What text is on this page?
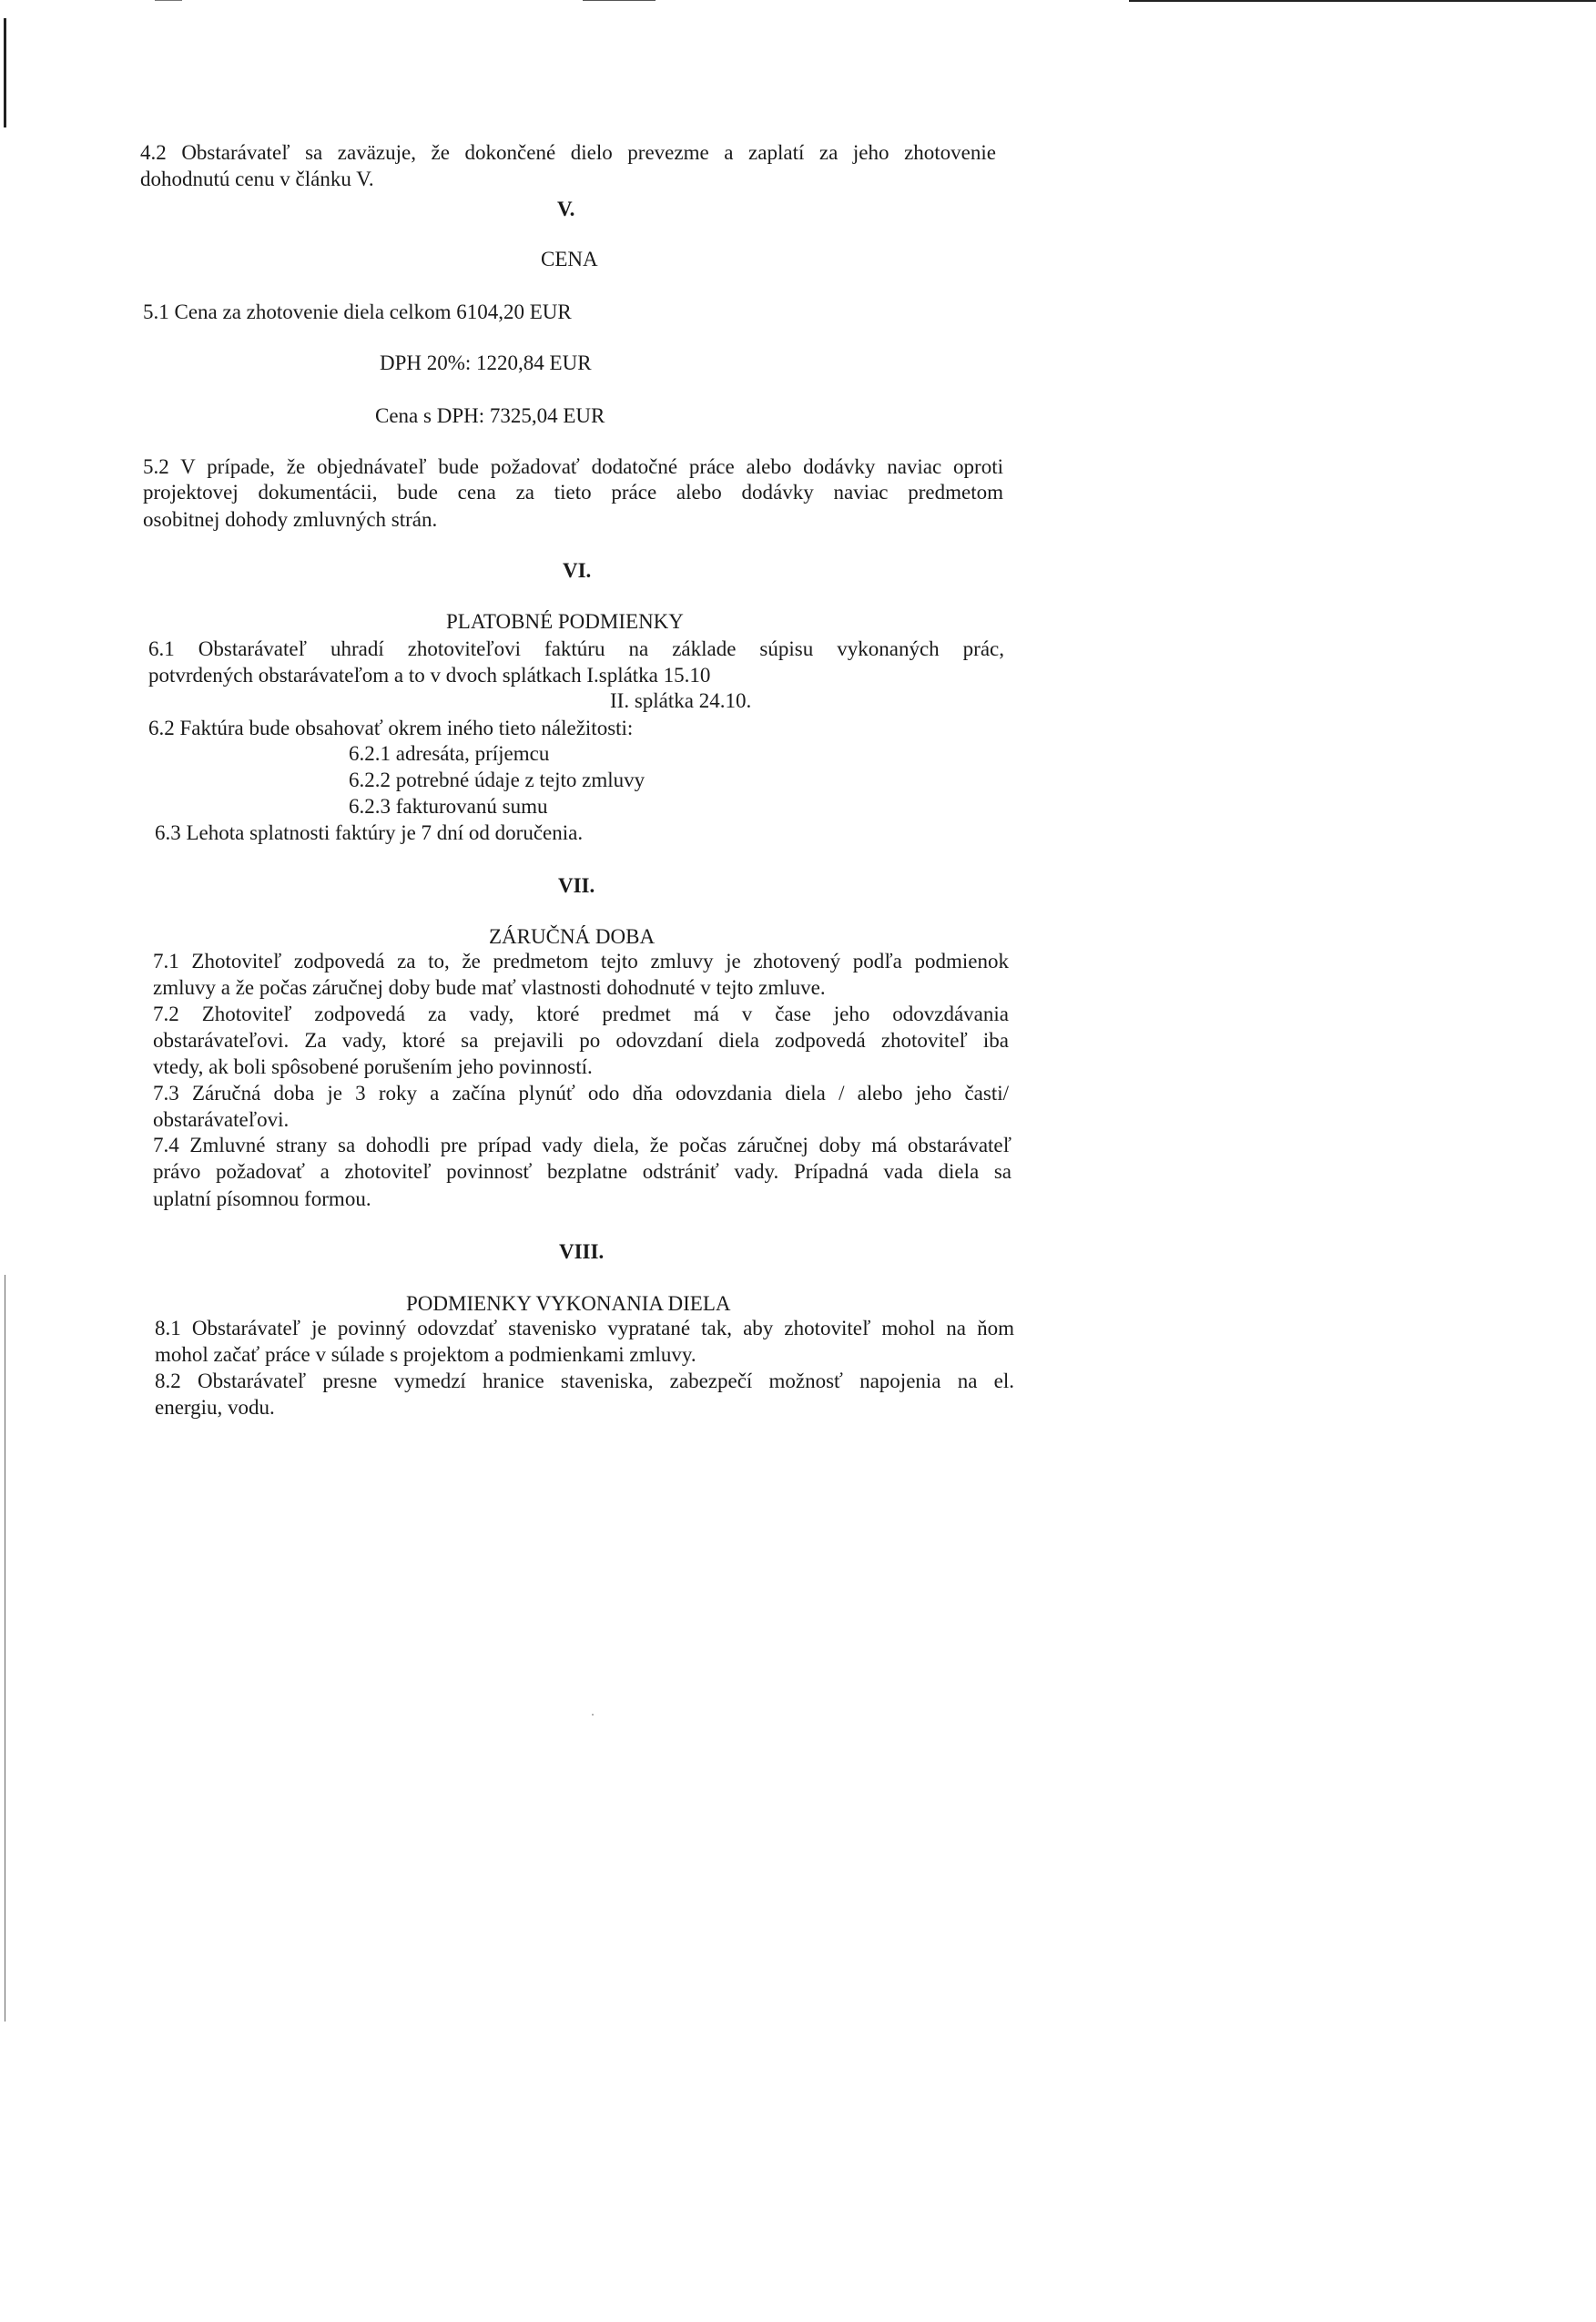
4.2 Obstarávateľ sa zaväzuje, že dokončené dielo prevezme a zaplatí za jeho zhotovenie
dohodnutú cenu v článku V.
V.
CENA
5.1 Cena za zhotovenie diela celkom 6104,20 EUR
DPH 20%: 1220,84 EUR
Cena s DPH: 7325,04 EUR
5.2 V prípade, že objednávateľ bude požadovať dodatočné práce alebo dodávky naviac oproti
projektovej dokumentácii, bude cena za tieto práce alebo dodávky naviac predmetom
osobitnej dohody zmluvných strán.
VI.
PLATOBNÉ PODMIENKY
6.1 Obstarávateľ uhradí zhotoviteľovi faktúru na základe súpisu vykonaných prác,
potvrdených obstarávateľom a to v dvoch splátkach I.splátka 15.10
II. splátka 24.10.
6.2 Faktúra bude obsahovať okrem iného tieto náležitosti:
6.2.1 adresáta, príjemcu
6.2.2 potrebné údaje z tejto zmluvy
6.2.3 fakturovanú sumu
6.3 Lehota splatnosti faktúry je 7 dní od doručenia.
VII.
ZÁRUČNÁ DOBA
7.1 Zhotoviteľ zodpovedá za to, že predmetom tejto zmluvy je zhotovený podľa podmienok
zmluvy a že počas záručnej doby bude mať vlastnosti dohodnuté v tejto zmluve.
7.2 Zhotoviteľ zodpovedá za vady, ktoré predmet má v čase jeho odovzdávania
obstarávateľovi. Za vady, ktoré sa prejavili po odovzdaní diela zodpovedá zhotoviteľ iba
vtedy, ak boli spôsobené porušením jeho povinností.
7.3 Záručná doba je 3 roky a začína plynúť odo dňa odovzdania diela / alebo jeho časti/
obstarávateľovi.
7.4 Zmluvné strany sa dohodli pre prípad vady diela, že počas záručnej doby má obstarávateľ
právo požadovať a zhotoviteľ povinnosť bezplatne odstrániť vady. Prípadná vada diela sa
uplatní písomnou formou.
VIII.
PODMIENKY VYKONANIA DIELA
8.1 Obstarávateľ je povinný odovzdať stavenisko vypratané tak, aby zhotoviteľ mohol na ňom
mohol začať práce v súlade s projektom a podmienkami zmluvy.
8.2 Obstarávateľ presne vymedzí hranice staveniska, zabezpečí možnosť napojenia na el.
energiu, vodu.
